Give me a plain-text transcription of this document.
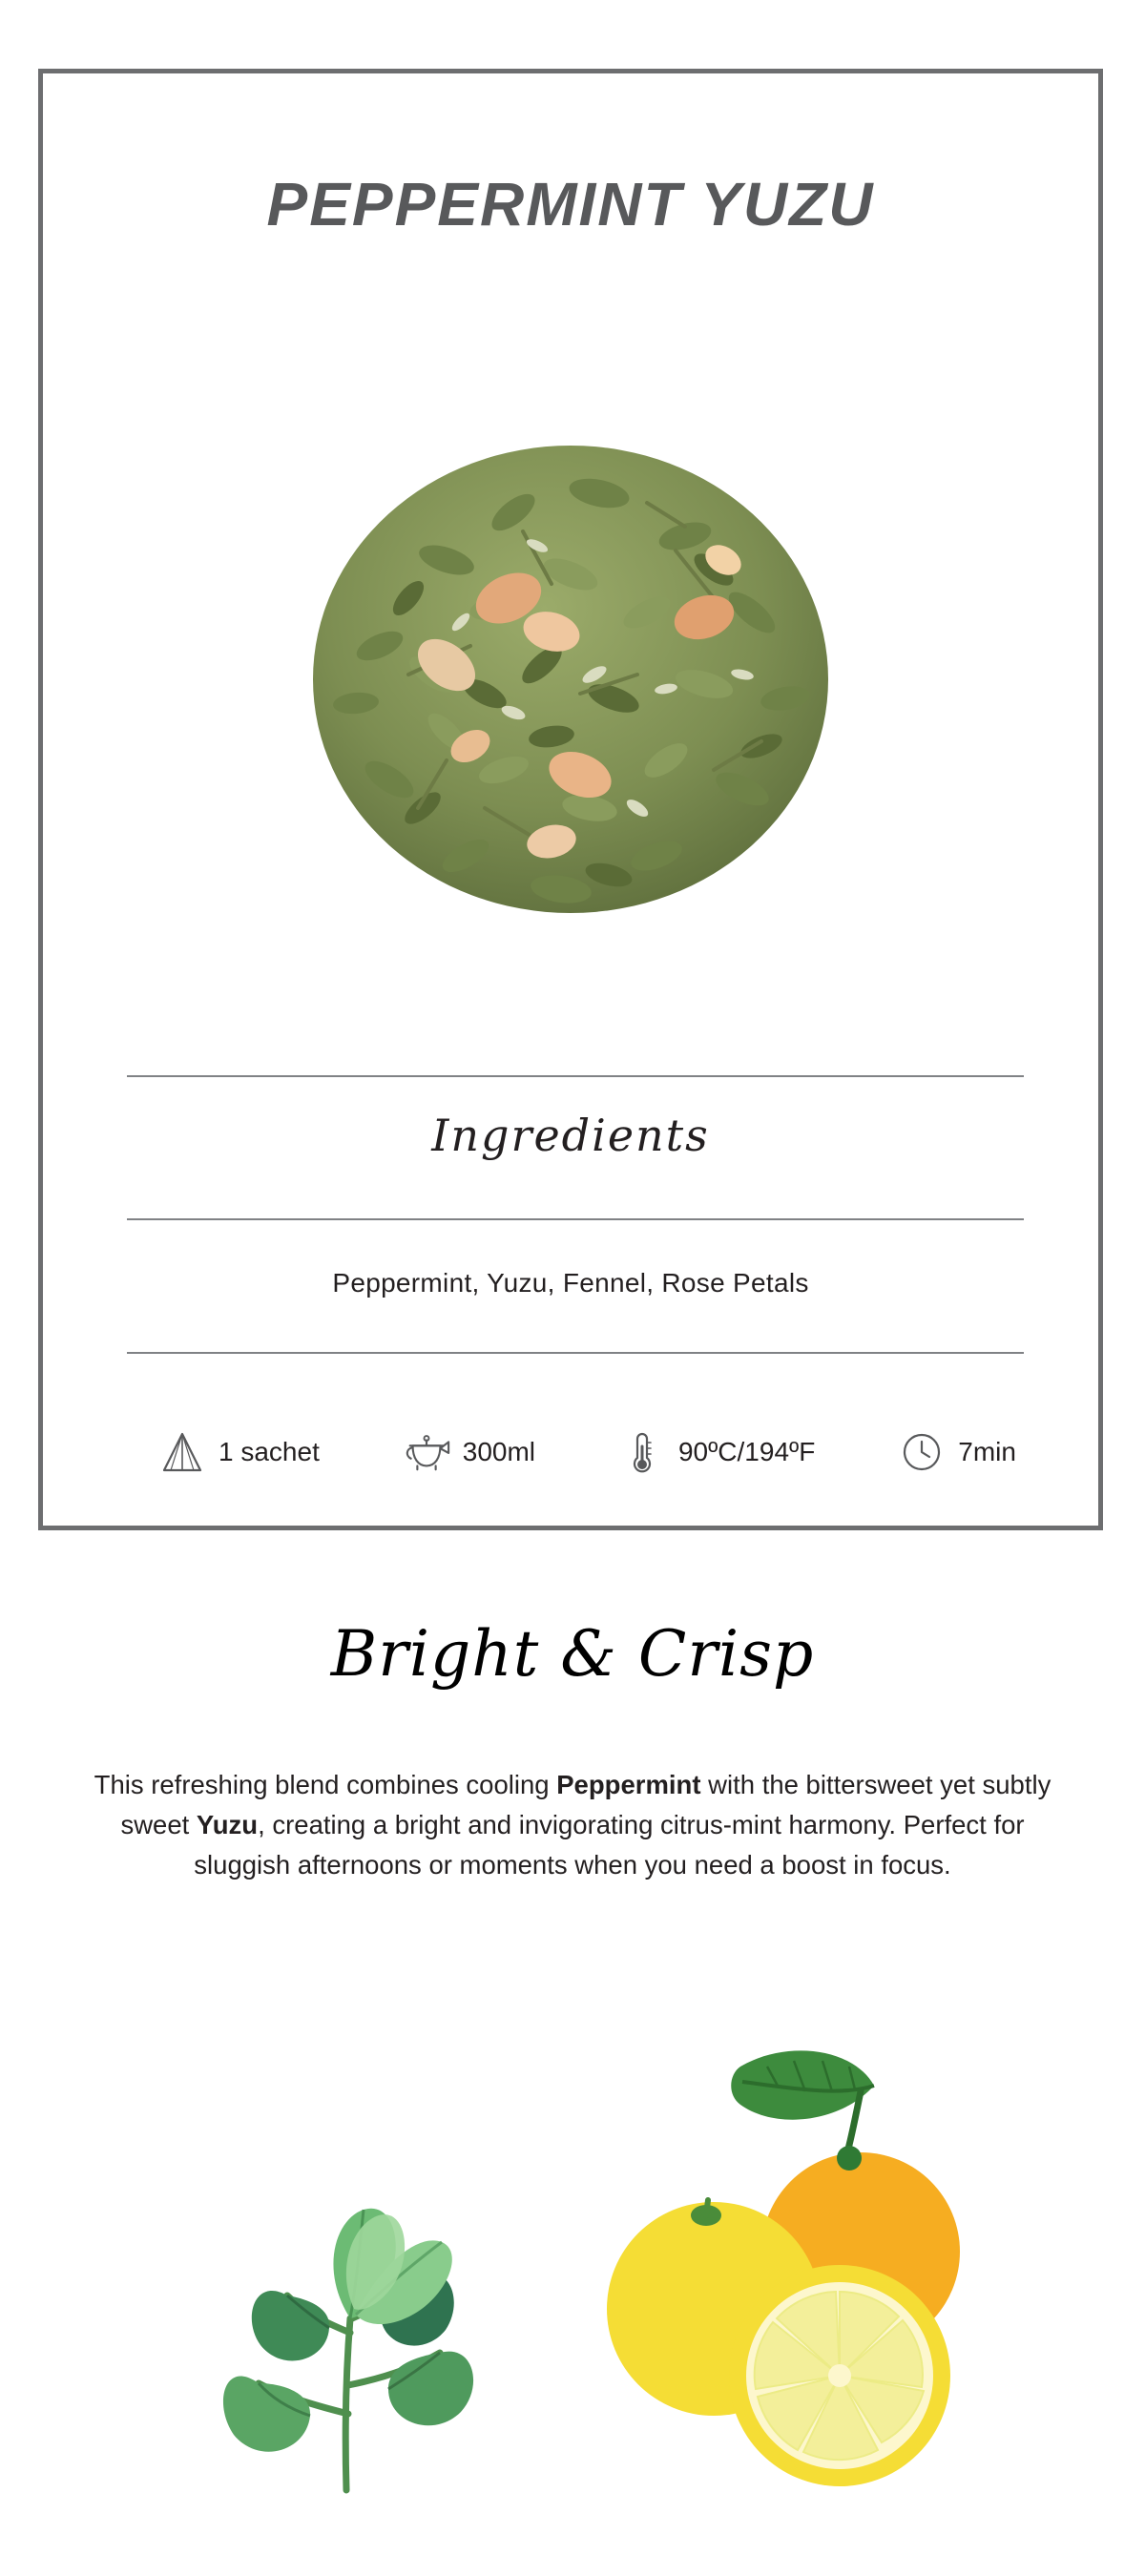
PEPPERMINT YUZU
Ingredients
Peppermint, Yuzu, Fennel, Rose Petals
1 sachet	300ml	90ºC/194ºF	7min
Bright & Crisp
This refreshing blend combines cooling Peppermint with the bittersweet yet subtly sweet Yuzu, creating a bright and invigorating citrus-mint harmony. Perfect for sluggish afternoons or moments when you need a boost in focus.
